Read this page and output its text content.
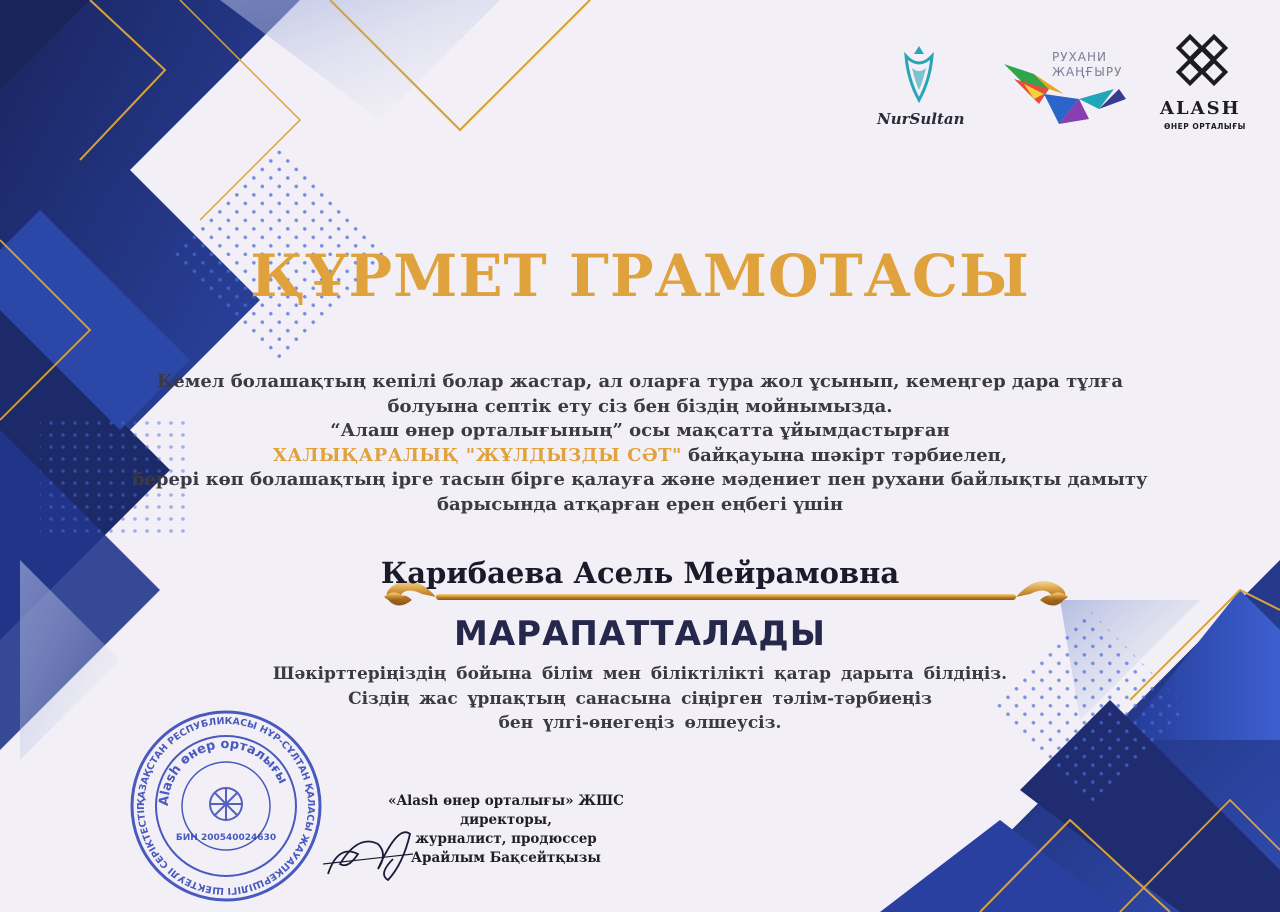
NurSultan
РУХАНИ
ЖАҢҒЫРУ
ALASH
ӨНЕР ОРТАЛЫҒЫ
ҚҰРМЕТ ГРАМОТАСЫ
Кемел болашақтың кепілі болар жастар, ал оларға тура жол ұсынып, кемеңгер дара тұлға
болуына септік ету сіз бен біздің мойнымызда.
“Алаш өнер орталығының” осы мақсатта ұйымдастырған
ХАЛЫҚАРАЛЫҚ "ЖҰЛДЫЗДЫ СӘТ" байқауына шәкірт тәрбиелеп,
берері көп болашақтың ірге тасын бірге қалауға және мәдениет пен рухани байлықты дамыту
барысында атқарған ерен еңбегі үшін
Карибаева Асель Мейрамовна
МАРАПАТТАЛАДЫ
Шәкірттеріңіздің бойына білім мен біліктілікті қатар дарыта білдіңіз.
Сіздің жас ұрпақтың санасына сіңірген тәлім-тәрбиеңіз
бен үлгі-өнегеңіз өлшеусіз.
ҚАЗАҚСТАН РЕСПУБЛИКАСЫ НҰР-СҰЛТАН ҚАЛАСЫ ЖАУАПКЕРШІЛІГІ ШЕКТЕУЛІ СЕРІКТЕСТІГ
Alash өнер орталығы
БИН 200540024630
«Alash өнер орталығы» ЖШС директоры,
журналист, продюссер
Арайлым Бақсейтқызы
